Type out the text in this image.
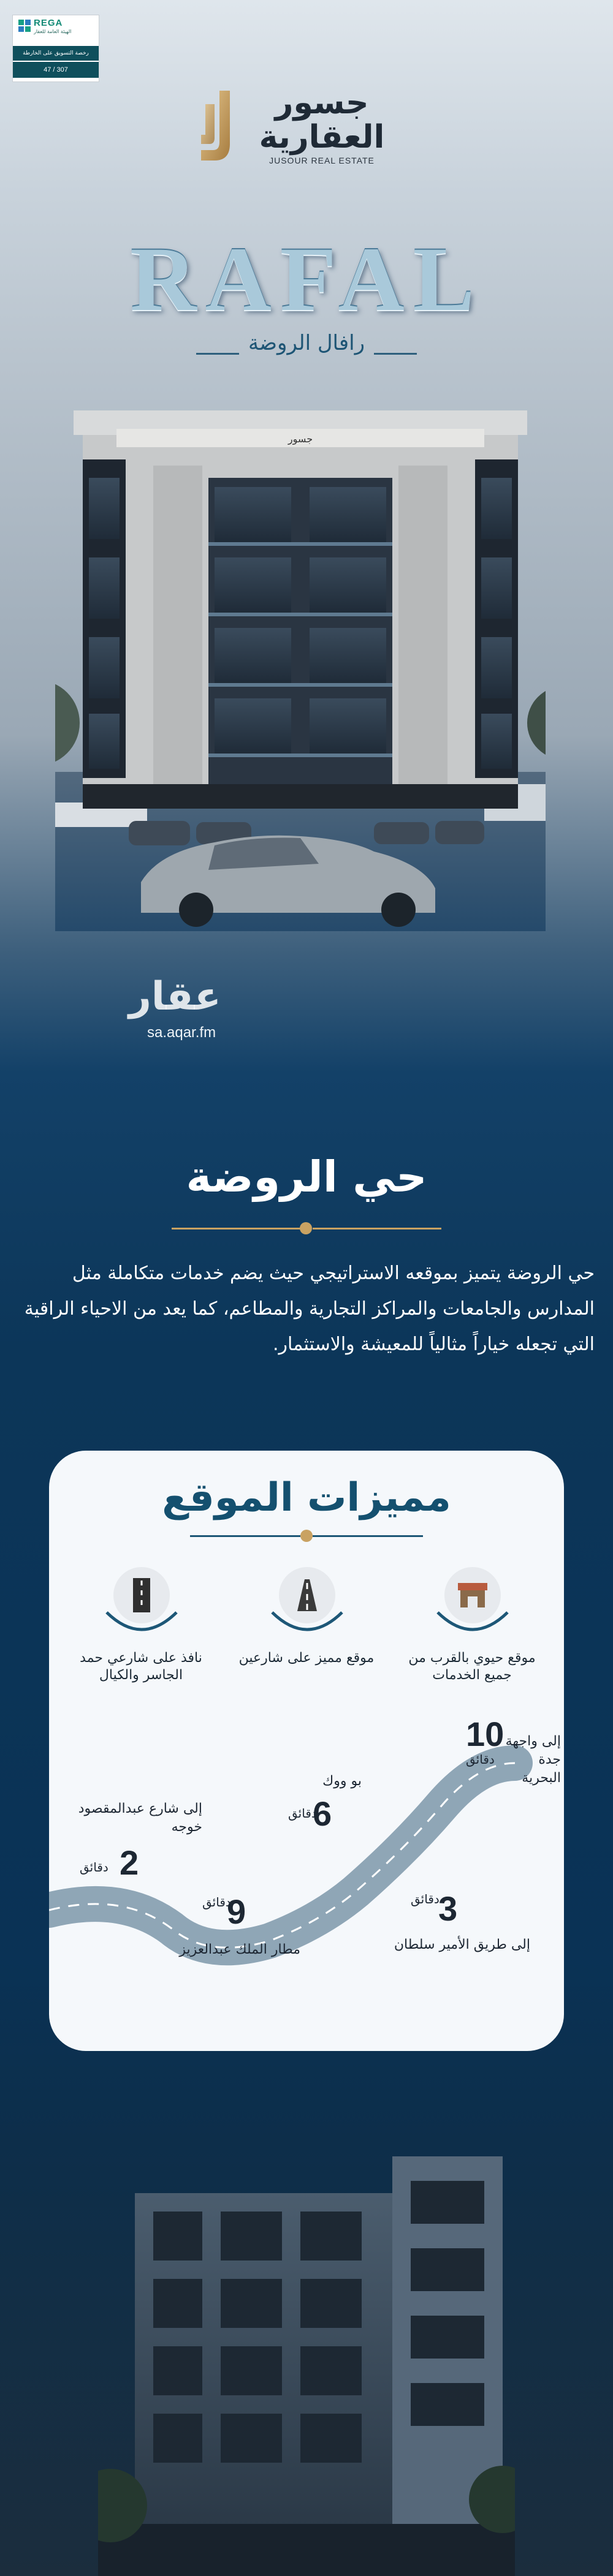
REGA
الهيئة العامة للعقار
رخصة التسويق على الخارطة
47 / 307
جسور العقارية
JUSOUR REAL ESTATE
RAFAL
رافال الروضة
جسور
عقار
sa.aqar.fm
حي الروضة
حي الروضة يتميز بموقعه الاستراتيجي حيث يضم خدمات متكاملة مثل المدارس والجامعات والمراكز التجارية والمطاعم، كما يعد من الاحياء الراقية التي تجعله خياراً مثالياً للمعيشة والاستثمار.
مميزات الموقع
موقع حيوي بالقرب من جميع الخدمات
موقع مميز على شارعين
نافذ على شارعي حمد الجاسر والكيال
10
دقائق
إلى واجهة جدة البحرية
6
دقائق
بو ووك
2
دقائق
إلى شارع عبدالمقصود خوجه
3
دقائق
إلى طريق الأمير سلطان
9
دقائق
مطار الملك عبدالعزيز
